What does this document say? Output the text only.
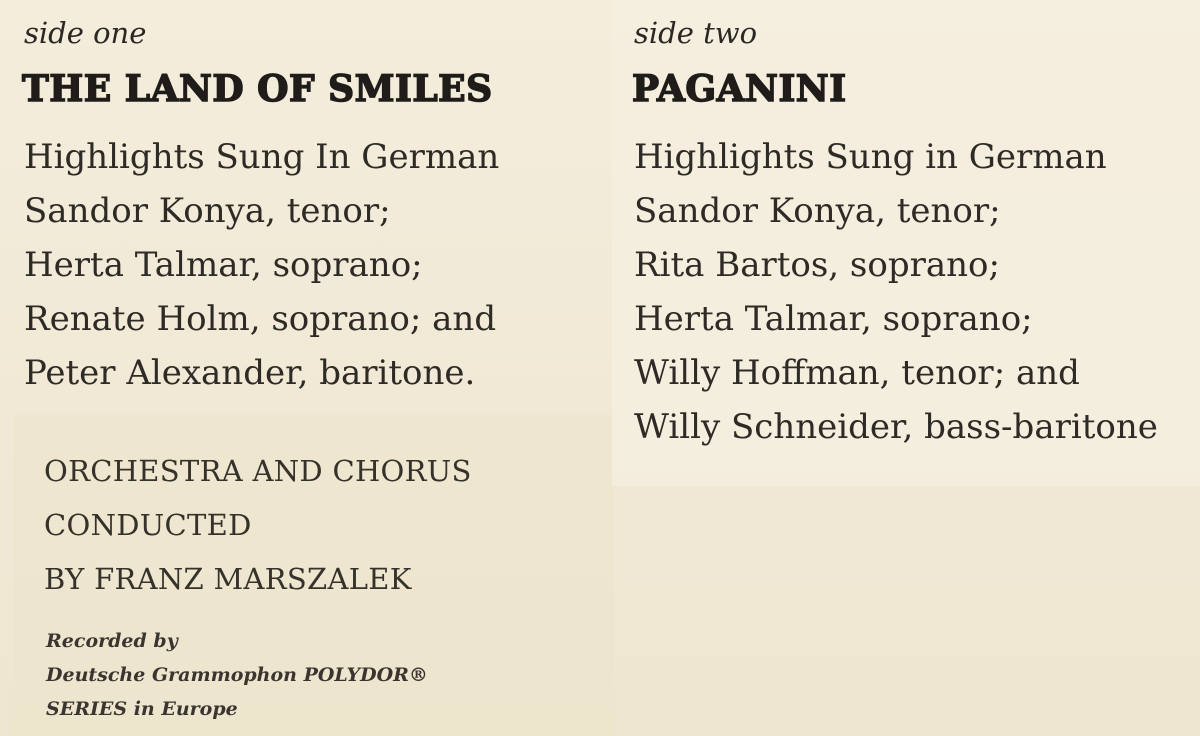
side one
THE LAND OF SMILES
Highlights Sung In German
Sandor Konya, tenor;
Herta Talmar, soprano;
Renate Holm, soprano; and
Peter Alexander, baritone.
side two
PAGANINI
Highlights Sung in German
Sandor Konya, tenor;
Rita Bartos, soprano;
Herta Talmar, soprano;
Willy Hoffman, tenor; and
Willy Schneider, bass-baritone
ORCHESTRA AND CHORUS
CONDUCTED
BY FRANZ MARSZALEK
Recorded by
Deutsche Grammophon POLYDOR®
SERIES in Europe
